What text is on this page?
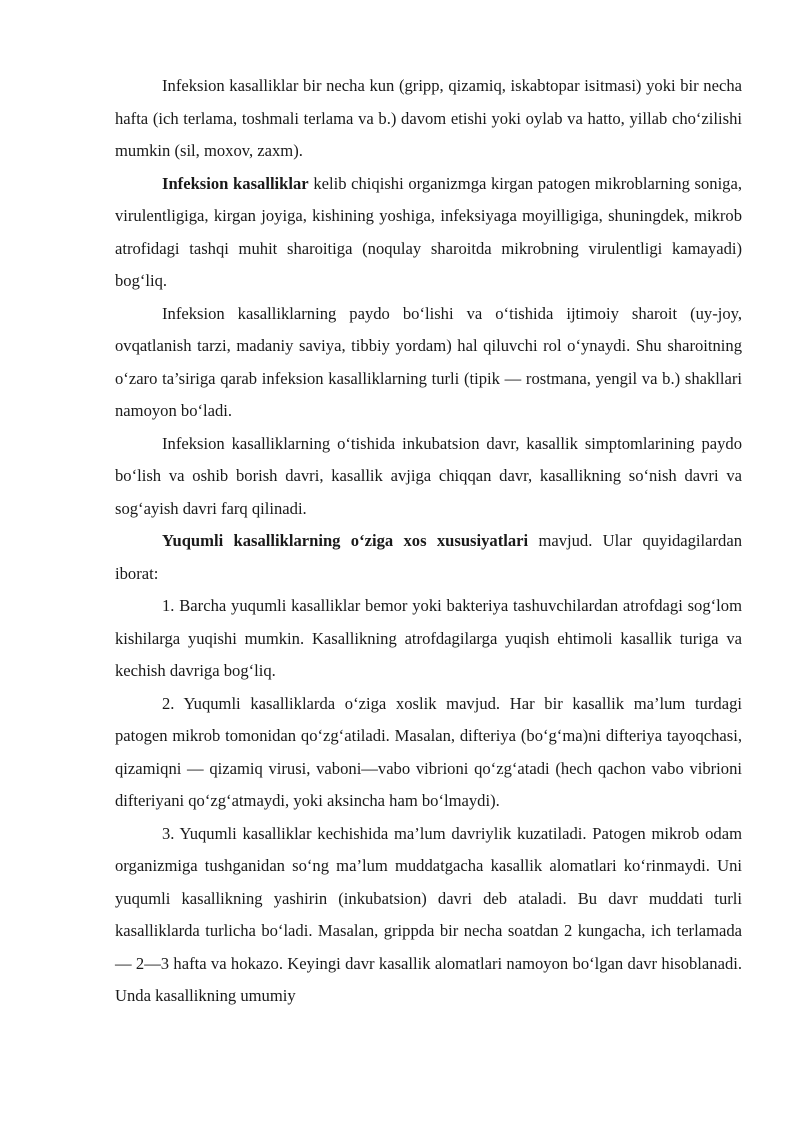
Infeksion kasalliklar bir necha kun (gripp, qizamiq, iskabtopar isitmasi) yoki bir necha hafta (ich terlama, toshmali terlama va b.) davom etishi yoki oylab va hatto, yillab cho‘zilishi mumkin (sil, moxov, zaxm).

Infeksion kasalliklar kelib chiqishi organizmga kirgan patogen mikroblarning soniga, virulentligiga, kirgan joyiga, kishining yoshiga, infeksiyaga moyilligiga, shuningdek, mikrob atrofidagi tashqi muhit sharoitiga (noqulay sharoitda mikrobning virulentligi kamayadi) bog‘liq.

Infeksion kasalliklarning paydo bo‘lishi va o‘tishida ijtimoiy sharoit (uy-joy, ovqatlanish tarzi, madaniy saviya, tibbiy yordam) hal qiluvchi rol o‘ynaydi. Shu sharoitning o‘zaro ta’siriga qarab infeksion kasalliklarning turli (tipik — rostmana, yengil va b.) shakllari namoyon bo‘ladi.

Infeksion kasalliklarning o‘tishida inkubatsion davr, kasallik simptomlarining paydo bo‘lish va oshib borish davri, kasallik avjiga chiqqan davr, kasallikning so‘nish davri va sog‘ayish davri farq qilinadi.

Yuqumli kasalliklarning o‘ziga xos xususiyatlari mavjud. Ular quyidagilardan iborat:

1. Barcha yuqumli kasalliklar bemor yoki bakteriya tashuvchilardan atrofdagi sog‘lom kishilarga yuqishi mumkin. Kasallikning atrofdagilarga yuqish ehtimoli kasallik turiga va kechish davriga bog‘liq.

2. Yuqumli kasalliklarda o‘ziga xoslik mavjud. Har bir kasallik ma’lum turdagi patogen mikrob tomonidan qo‘zg‘atiladi. Masalan, difteriya (bo‘g‘ma)ni difteriya tayoqchasi, qizamiqni — qizamiq virusi, vaboni—vabo vibrioni qo‘zg‘atadi (hech qachon vabo vibrioni difteriyani qo‘zg‘atmaydi, yoki aksincha ham bo‘lmaydi).

3. Yuqumli kasalliklar kechishida ma’lum davriylik kuzatiladi. Patogen mikrob odam organizmiga tushganidan so‘ng ma’lum muddatgacha kasallik alomatlari ko‘rinmaydi. Uni yuqumli kasallikning yashirin (inkubatsion) davri deb ataladi. Bu davr muddati turli kasalliklarda turlicha bo‘ladi. Masalan, grippda bir necha soatdan 2 kungacha, ich terlamada — 2—3 hafta va hokazo. Keyingi davr kasallik alomatlari namoyon bo‘lgan davr hisoblanadi. Unda kasallikning umumiy
